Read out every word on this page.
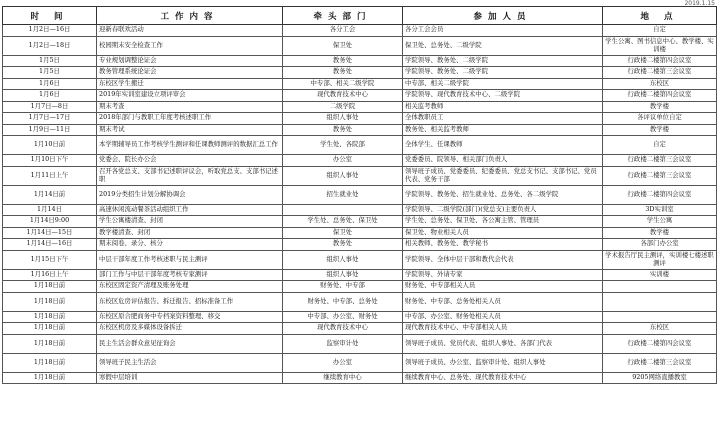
2019.1.15
时 间	工作内容	牵头部门	参加人员	地 点
1月2日—16日	迎新春联欢活动	各分工会	各分工会会员	自定
1月2日—18日	校园期末安全检查工作	保卫处	保卫处、总务处、二级学院	学生公寓、图书信息中心、教学楼、实训楼
1月5日	专业规划调整论证会	教务处	学院领导、教务处、二级学院	行政楼二楼第四会议室
1月5日	教务管理系统论证会	教务处	学院领导、教务处、二级学院	行政楼二楼第三会议室
1月6日	东校区学生搬迁	中专部、相关二级学院	中专部、相关二级学院	东校区
1月6日	2019年实训室建设立项评审会	现代教育技术中心	学院领导、现代教育技术中心、二级学院	行政楼二楼第四会议室
1月7日—8日	期末考查	二级学院	相关监考教师	教学楼
1月7日—17日	2018年部门与教职工年度考核述职工作	组织人事处	全体教职员工	各评议单位自定
1月9日—11日	期末考试	教务处	教务处、相关监考教师	教学楼
1月10日前	本学期辅导员工作考核学生测评和任课教师测评的数据汇总工作	学生处、各院部	全体学生、任课教师	自定
1月10日下午	党委会、院长办公会	办公室	党委委员、院领导、相关部门负责人	行政楼二楼第三会议室
1月11日上午	召开各党总支、支部书记述职评议会，听取党总支、支部书记述职	组织人事处	领导班子成员、党委委员、纪委委员、党总支书记、支部书记、党员代表、党务干部	行政楼二楼第三会议室
1月14日前	2019分类招生计划分解协调会	招生就业处	学院领导、教务处、招生就业处、总务处、各二级学院	行政楼二楼第四会议室
1月14日	高速休闲流动餐茶活动组织工作		学院领导、二级学院(部门)(党总支)主要负责人	3D实训室
1月14日9:00	学生公寓楼清查、封闭	学生处、总务处、保卫处	学生处、总务处、保卫处、各公寓主管、管理员	学生公寓
1月14日—15日	教学楼清查、封闭	保卫处	保卫处、物业相关人员	教学楼
1月14日—16日	期末阅卷、录分、核分	教务处	相关教师、教务处、教学秘书	各部门办公室
1月15日下午	中层干部年度工作考核述职与民主测评	组织人事处	学院领导、全体中层干部和教代会代表	学术报告厅民主测评，实训楼七楼述职测评
1月16日上午	部门工作与中层干部年度考核专家测评	组织人事处	学院领导、外请专家	实训楼
1月18日前	东校区固定资产清理及账务处理	财务处、中专部	财务处、中专部相关人员	
1月18日前	东校区危房评估报告、拆迁报告、招标准备工作	财务处、中专部、总务处	财务处、中专部、总务处相关人员	
1月18日前	东校区原合肥商务中专档案资料整理、移交	中专部、办公室、财务处	中专部、办公室、财务处相关人员	
1月18日前	东校区机房及多媒体设备拆迁	现代教育技术中心	现代教育技术中心、中专部相关人员	东校区
1月18日前	民主生活会群众意见征询会	监察审计处	领导班子成员、党员代表、组织人事处、各部门代表	行政楼二楼第四会议室
1月18日前	领导班子民主生活会	办公室	领导班子成员、办公室、监察审计处、组织人事处	行政楼二楼第三会议室
1月18日前	寒假中层培训	继续教育中心	继续教育中心、总务处、现代教育技术中心	9205网络直播教室
